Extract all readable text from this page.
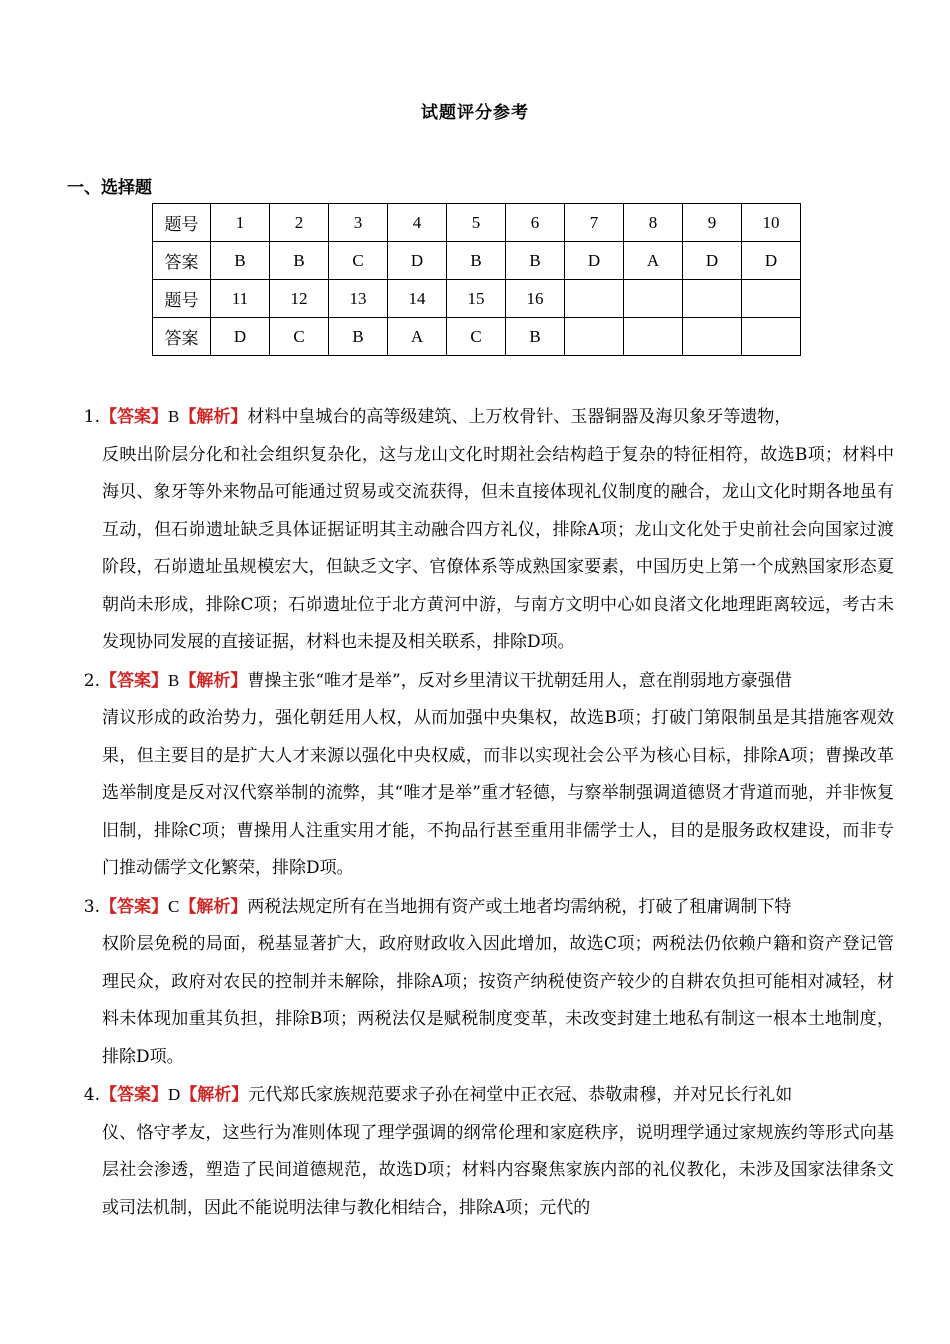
试题评分参考
一、选择题
题号	1	2	3	4	5	6	7	8	9	10
答案	B	B	C	D	B	B	D	A	D	D
题号	11	12	13	14	15	16				
答案	D	C	B	A	C	B				
1.【答案】B【解析】材料中皇城台的高等级建筑、上万枚骨针、玉器铜器及海贝象牙等遗物，
反映出阶层分化和社会组织复杂化，这与龙山文化时期社会结构趋于复杂的特征相符，故选B项；材料中海贝、象牙等外来物品可能通过贸易或交流获得，但未直接体现礼仪制度的融合，龙山文化时期各地虽有互动，但石峁遗址缺乏具体证据证明其主动融合四方礼仪，排除A项；龙山文化处于史前社会向国家过渡阶段，石峁遗址虽规模宏大，但缺乏文字、官僚体系等成熟国家要素，中国历史上第一个成熟国家形态夏朝尚未形成，排除C项；石峁遗址位于北方黄河中游，与南方文明中心如良渚文化地理距离较远，考古未发现协同发展的直接证据，材料也未提及相关联系，排除D项。
2.【答案】B【解析】曹操主张“唯才是举”，反对乡里清议干扰朝廷用人，意在削弱地方豪强借
清议形成的政治势力，强化朝廷用人权，从而加强中央集权，故选B项；打破门第限制虽是其措施客观效果，但主要目的是扩大人才来源以强化中央权威，而非以实现社会公平为核心目标，排除A项；曹操改革选举制度是反对汉代察举制的流弊，其“唯才是举”重才轻德，与察举制强调道德贤才背道而驰，并非恢复旧制，排除C项；曹操用人注重实用才能，不拘品行甚至重用非儒学士人，目的是服务政权建设，而非专门推动儒学文化繁荣，排除D项。
3.【答案】C【解析】两税法规定所有在当地拥有资产或土地者均需纳税，打破了租庸调制下特
权阶层免税的局面，税基显著扩大，政府财政收入因此增加，故选C项；两税法仍依赖户籍和资产登记管理民众，政府对农民的控制并未解除，排除A项；按资产纳税使资产较少的自耕农负担可能相对减轻，材料未体现加重其负担，排除B项；两税法仅是赋税制度变革，未改变封建土地私有制这一根本土地制度，排除D项。
4.【答案】D【解析】元代郑氏家族规范要求子孙在祠堂中正衣冠、恭敬肃穆，并对兄长行礼如
仪、恪守孝友，这些行为准则体现了理学强调的纲常伦理和家庭秩序，说明理学通过家规族约等形式向基层社会渗透，塑造了民间道德规范，故选D项；材料内容聚焦家族内部的礼仪教化，未涉及国家法律条文或司法机制，因此不能说明法律与教化相结合，排除A项；元代的
